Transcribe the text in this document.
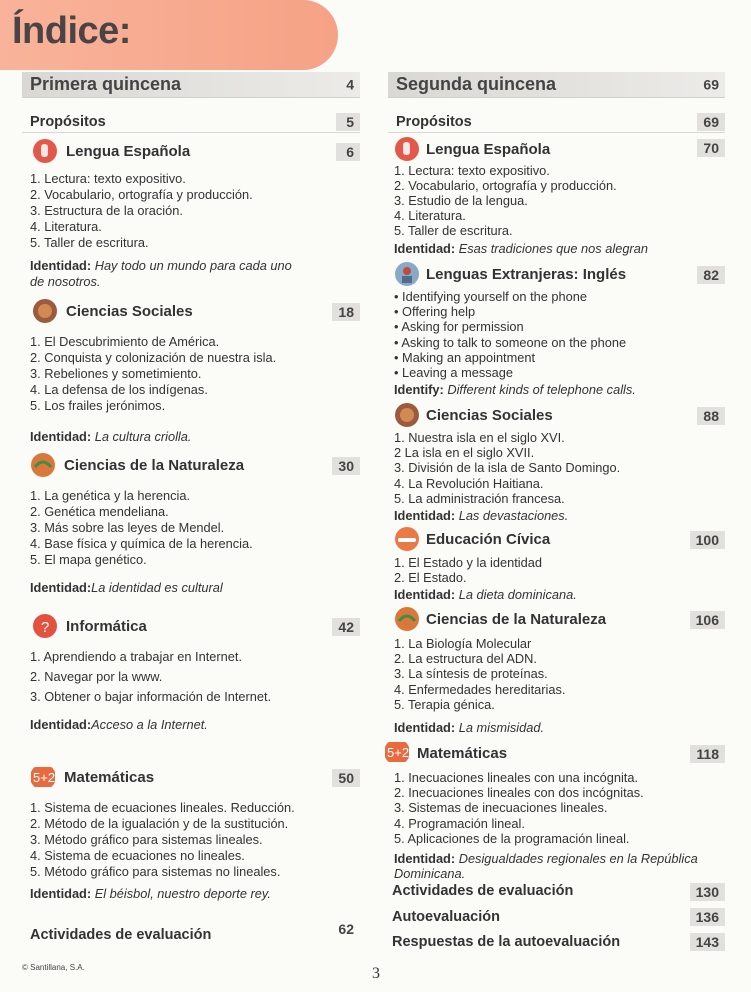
Índice:
Primera quincena	4
Propósitos	5
Lengua Española	6
1. Lectura: texto expositivo.
2. Vocabulario, ortografía y producción.
3. Estructura de la oración.
4. Literatura.
5. Taller de escritura.
Identidad: Hay todo un mundo para cada uno
de nosotros.
Ciencias Sociales	18
1. El Descubrimiento de América.
2. Conquista y colonización de nuestra isla.
3. Rebeliones y sometimiento.
4. La defensa de los indígenas.
5. Los frailes jerónimos.
Identidad: La cultura criolla.
Ciencias de la Naturaleza	30
1. La genética y la herencia.
2. Genética mendeliana.
3. Más sobre las leyes de Mendel.
4. Base física y química de la herencia.
5. El mapa genético.
Identidad:La identidad es cultural
? Informática	42
1. Aprendiendo a trabajar en Internet.
2. Navegar por la www.
3. Obtener o bajar información de Internet.
Identidad:Acceso a la Internet.
5+2 Matemáticas	50
1. Sistema de ecuaciones lineales. Reducción.
2. Método de la igualación y de la sustitución.
3. Método gráfico para sistemas lineales.
4. Sistema de ecuaciones no lineales.
5. Método gráfico para sistemas no lineales.
Identidad: El béisbol, nuestro deporte rey.
Actividades de evaluación	62
Segunda quincena	69
Propósitos	69
Lengua Española	70
1. Lectura: texto expositivo.
2. Vocabulario, ortografía y producción.
3. Estudio de la lengua.
4. Literatura.
5. Taller de escritura.
Identidad: Esas tradiciones que nos alegran
Lenguas Extranjeras: Inglés	82
• Identifying yourself on the phone
• Offering help
• Asking for permission
• Asking to talk to someone on the phone
• Making an appointment
• Leaving a message
Identify: Different kinds of telephone calls.
Ciencias Sociales	88
1. Nuestra isla en el siglo XVI.
2 La isla en el siglo XVII.
3. División de la isla de Santo Domingo.
4. La Revolución Haitiana.
5. La administración francesa.
Identidad: Las devastaciones.
Educación Cívica	100
1. El Estado y la identidad
2. El Estado.
Identidad: La dieta dominicana.
Ciencias de la Naturaleza	106
1. La Biología Molecular
2. La estructura del ADN.
3. La síntesis de proteínas.
4. Enfermedades hereditarias.
5. Terapia génica.
Identidad: La mismisidad.
5+2 Matemáticas	118
1. Inecuaciones lineales con una incógnita.
2. Inecuaciones lineales con dos incógnitas.
3. Sistemas de inecuaciones lineales.
4. Programación lineal.
5. Aplicaciones de la programación lineal.
Identidad: Desigualdades regionales en la República
Dominicana.
Actividades de evaluación	130
Autoevaluación	136
Respuestas de la autoevaluación	143
© Santillana, S.A.	3
